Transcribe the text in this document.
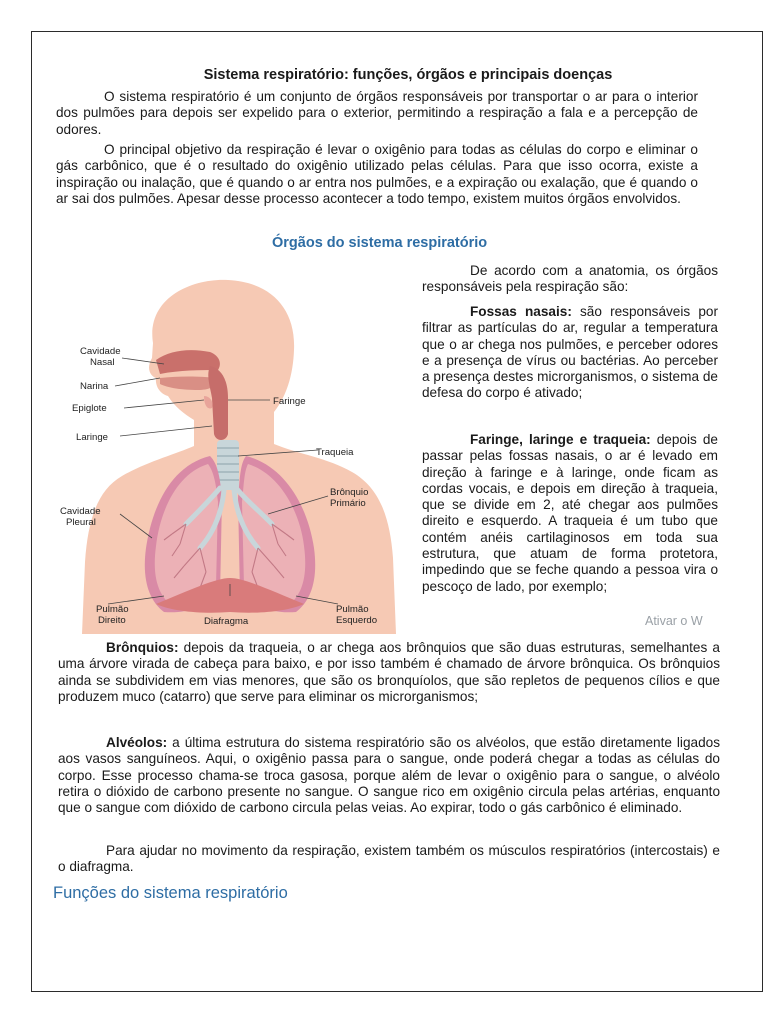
Sistema respiratório: funções, órgãos e principais doenças

O sistema respiratório é um conjunto de órgãos responsáveis por transportar o ar para o interior dos pulmões para depois ser expelido para o exterior, permitindo a respiração a fala e a percepção de odores.

O principal objetivo da respiração é levar o oxigênio para todas as células do corpo e eliminar o gás carbônico, que é o resultado do oxigênio utilizado pelas células. Para que isso ocorra, existe a inspiração ou inalação, que é quando o ar entra nos pulmões, e a expiração ou exalação, que é quando o ar sai dos pulmões. Apesar desse processo acontecer a todo tempo, existem muitos órgãos envolvidos.

Órgãos do sistema respiratório
Cavidade
Nasal
Narina
Epiglote
Laringe
Faringe
Traqueia
Brônquio
Primário
Cavidade
Pleural
Pulmão
Direito	Diafragma
Pulmão
Esquerdo

De acordo com a anatomia, os órgãos responsáveis pela respiração são:

Fossas nasais: são responsáveis por filtrar as partículas do ar, regular a temperatura que o ar chega nos pulmões, e perceber odores e a presença de vírus ou bactérias. Ao perceber a presença destes microrganismos, o sistema de defesa do corpo é ativado;

Faringe, laringe e traqueia: depois de passar pelas fossas nasais, o ar é levado em direção à faringe e à laringe, onde ficam as cordas vocais, e depois em direção à traqueia, que se divide em 2, até chegar aos pulmões direito e esquerdo. A traqueia é um tubo que contém anéis cartilaginosos em toda sua estrutura, que atuam de forma protetora, impedindo que se feche quando a pessoa vira o pescoço de lado, por exemplo;

Ativar o W

Brônquios: depois da traqueia, o ar chega aos brônquios que são duas estruturas, semelhantes a uma árvore virada de cabeça para baixo, e por isso também é chamado de árvore brônquica. Os brônquios ainda se subdividem em vias menores, que são os bronquíolos, que são repletos de pequenos cílios e que produzem muco (catarro) que serve para eliminar os microrganismos;

Alvéolos: a última estrutura do sistema respiratório são os alvéolos, que estão diretamente ligados aos vasos sanguíneos. Aqui, o oxigênio passa para o sangue, onde poderá chegar a todas as células do corpo. Esse processo chama-se troca gasosa, porque além de levar o oxigênio para o sangue, o alvéolo retira o dióxido de carbono presente no sangue. O sangue rico em oxigênio circula pelas artérias, enquanto que o sangue com dióxido de carbono circula pelas veias. Ao expirar, todo o gás carbônico é eliminado.

Para ajudar no movimento da respiração, existem também os músculos respiratórios (intercostais) e o diafragma.

Funções do sistema respiratório
